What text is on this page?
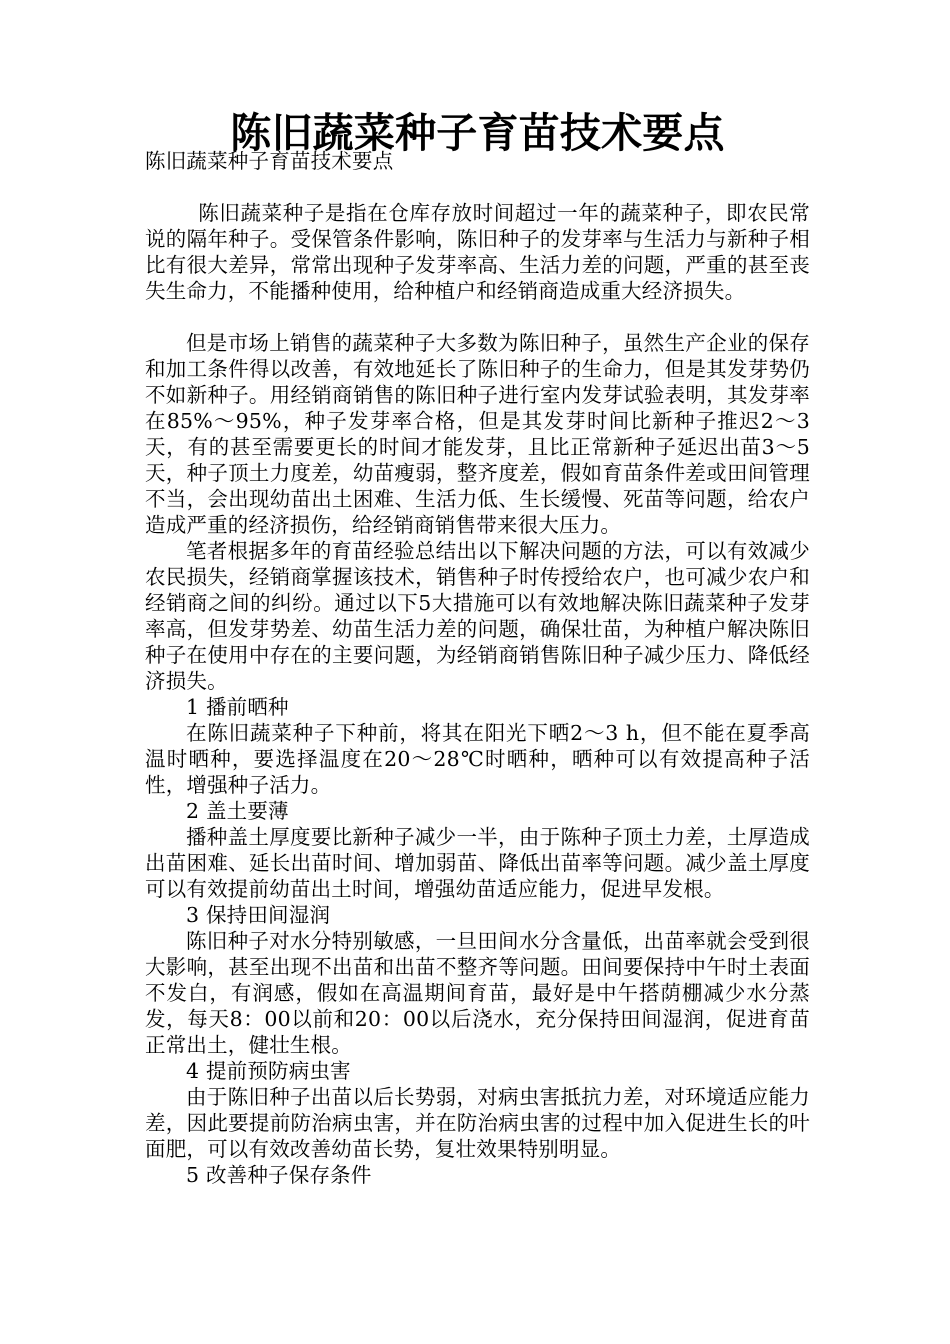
陈旧蔬菜种子育苗技术要点

陈旧蔬菜种子育苗技术要点

陈旧蔬菜种子是指在仓库存放时间超过一年的蔬菜种子，即农民常说的隔年种子。受保管条件影响，陈旧种子的发芽率与生活力与新种子相比有很大差异，常常出现种子发芽率高、生活力差的问题，严重的甚至丧失生命力，不能播种使用，给种植户和经销商造成重大经济损失。

但是市场上销售的蔬菜种子大多数为陈旧种子，虽然生产企业的保存和加工条件得以改善，有效地延长了陈旧种子的生命力，但是其发芽势仍不如新种子。用经销商销售的陈旧种子进行室内发芽试验表明，其发芽率在85%～95%，种子发芽率合格，但是其发芽时间比新种子推迟2～3天，有的甚至需要更长的时间才能发芽，且比正常新种子延迟出苗3～5天，种子顶土力度差，幼苗瘦弱，整齐度差，假如育苗条件差或田间管理不当，会出现幼苗出土困难、生活力低、生长缓慢、死苗等问题，给农户造成严重的经济损伤，给经销商销售带来很大压力。

笔者根据多年的育苗经验总结出以下解决问题的方法，可以有效减少农民损失，经销商掌握该技术，销售种子时传授给农户，也可减少农户和经销商之间的纠纷。通过以下5大措施可以有效地解决陈旧蔬菜种子发芽率高，但发芽势差、幼苗生活力差的问题，确保壮苗，为种植户解决陈旧种子在使用中存在的主要问题，为经销商销售陈旧种子减少压力、降低经济损失。

1 播前晒种

在陈旧蔬菜种子下种前，将其在阳光下晒2～3 h，但不能在夏季高温时晒种，要选择温度在20～28℃时晒种，晒种可以有效提高种子活性，增强种子活力。

2 盖土要薄

播种盖土厚度要比新种子减少一半，由于陈种子顶土力差，土厚造成出苗困难、延长出苗时间、增加弱苗、降低出苗率等问题。减少盖土厚度可以有效提前幼苗出土时间，增强幼苗适应能力，促进早发根。

3 保持田间湿润

陈旧种子对水分特别敏感，一旦田间水分含量低，出苗率就会受到很大影响，甚至出现不出苗和出苗不整齐等问题。田间要保持中午时土表面不发白，有润感，假如在高温期间育苗，最好是中午搭荫棚减少水分蒸发，每天8：00以前和20：00以后浇水，充分保持田间湿润，促进育苗正常出土，健壮生根。

4 提前预防病虫害

由于陈旧种子出苗以后长势弱，对病虫害抵抗力差，对环境适应能力差，因此要提前防治病虫害，并在防治病虫害的过程中加入促进生长的叶面肥，可以有效改善幼苗长势，复壮效果特别明显。

5 改善种子保存条件
